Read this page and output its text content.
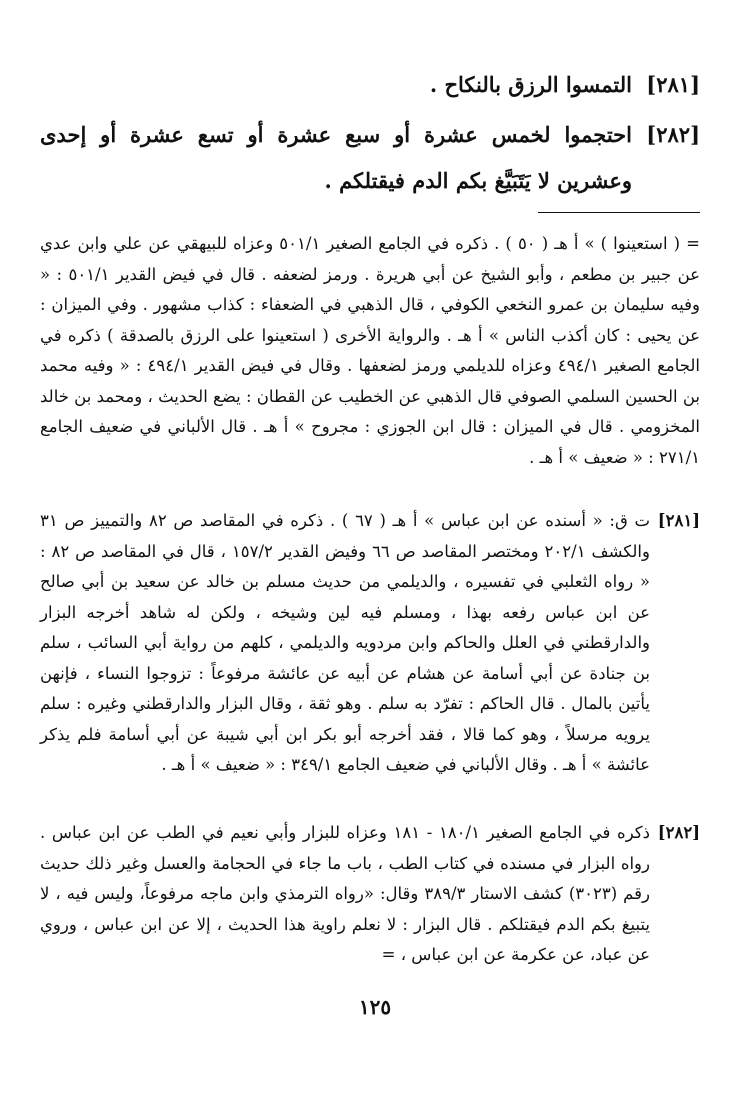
[٢٨١]
التمسوا الرزق بالنكاح .
[٢٨٢]
احتجموا لخمس عشرة أو سبع عشرة أو تسع عشرة أو إحدى وعشرين لا يَتَبَيَّغ بكم الدم فيقتلكم .
= ( استعينوا ) » أ هـ ( ٥٠ ) . ذكره في الجامع الصغير ٥٠١/١ وعزاه للبيهقي عن علي وابن عدي عن جبير بن مطعم ، وأبو الشيخ عن أبي هريرة . ورمز لضعفه . قال في فيض القدير ٥٠١/١ : « وفيه سليمان بن عمرو النخعي الكوفي ، قال الذهبي في الضعفاء : كذاب مشهور . وفي الميزان : عن يحيى : كان أكذب الناس » أ هـ . والرواية الأخرى ( استعينوا على الرزق بالصدقة ) ذكره في الجامع الصغير ٤٩٤/١ وعزاه للديلمي ورمز لضعفها . وقال في فيض القدير ٤٩٤/١ : « وفيه محمد بن الحسين السلمي الصوفي قال الذهبي عن الخطيب عن القطان : يضع الحديث ، ومحمد بن خالد المخزومي . قال في الميزان : قال ابن الجوزي : مجروح » أ هـ . قال الألباني في ضعيف الجامع ٢٧١/١ : « ضعيف » أ هـ .
[٢٨١]
ت ق: « أسنده عن ابن عباس » أ هـ ( ٦٧ ) . ذكره في المقاصد ص ٨٢ والتمييز ص ٣١ والكشف ٢٠٢/١ ومختصر المقاصد ص ٦٦ وفيض القدير ١٥٧/٢ ، قال في المقاصد ص ٨٢ : « رواه الثعلبي في تفسيره ، والديلمي من حديث مسلم بن خالد عن سعيد بن أبي صالح عن ابن عباس رفعه بهذا ، ومسلم فيه لين وشيخه ، ولكن له شاهد أخرجه البزار والدارقطني في العلل والحاكم وابن مردويه والديلمي ، كلهم من رواية أبي السائب ، سلم بن جنادة عن أبي أسامة عن هشام عن أبيه عن عائشة مرفوعاً : تزوجوا النساء ، فإنهن يأتين بالمال . قال الحاكم : تفرّد به سلم . وهو ثقة ، وقال البزار والدارقطني وغيره : سلم يرويه مرسلاً ، وهو كما قالا ، فقد أخرجه أبو بكر ابن أبي شيبة عن أبي أسامة فلم يذكر عائشة » أ هـ . وقال الألباني في ضعيف الجامع ٣٤٩/١ : « ضعيف » أ هـ .
[٢٨٢]
ذكره في الجامع الصغير ١٨٠/١ - ١٨١ وعزاه للبزار وأبي نعيم في الطب عن ابن عباس . رواه البزار في مسنده في كتاب الطب ، باب ما جاء في الحجامة والعسل وغير ذلك حديث رقم (٣٠٢٣) كشف الاستار ٣٨٩/٣ وقال: «رواه الترمذي وابن ماجه مرفوعاً، وليس فيه ، لا يتبيغ بكم الدم فيقتلكم . قال البزار : لا نعلم راوية هذا الحديث ، إلا عن ابن عباس ، وروي عن عباد، عن عكرمة عن ابن عباس ، =
١٢٥
